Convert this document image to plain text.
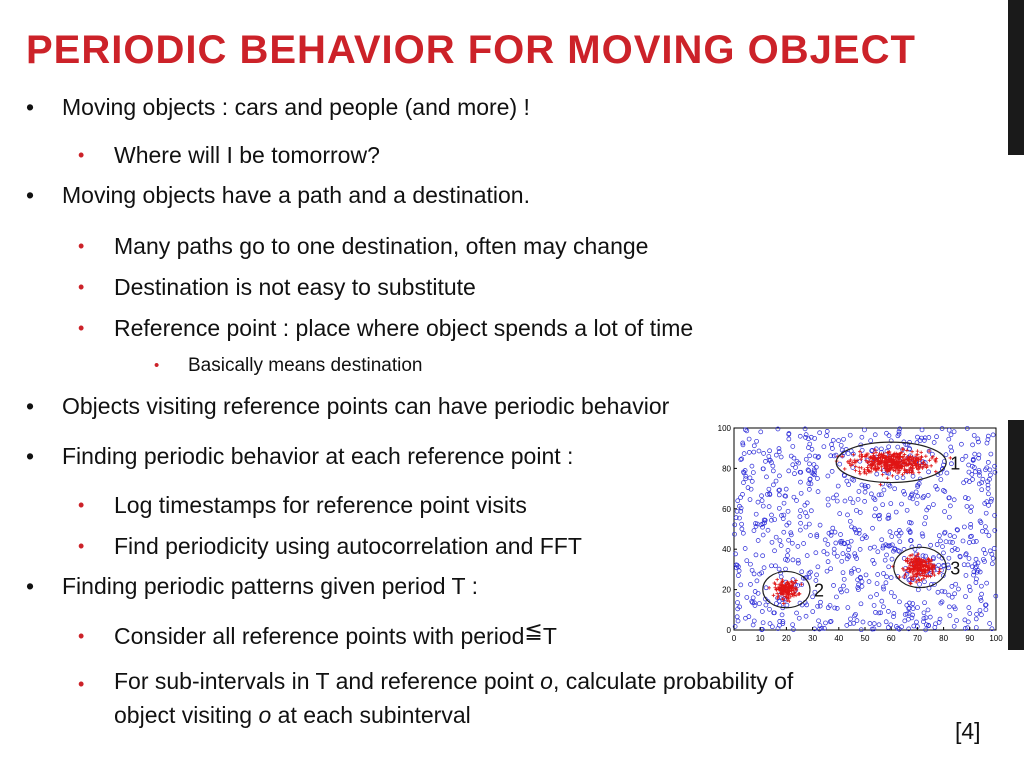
PERIODIC BEHAVIOR FOR MOVING OBJECT
• Moving objects : cars and people (and more) !
• Where will I be tomorrow?
• Moving objects have a path and a destination.
• Many paths go to one destination, often may change
• Destination is not easy to substitute
• Reference point : place where object spends a lot of time
• Basically means destination
• Objects visiting reference points can have periodic behavior
• Finding periodic behavior at each reference point :
• Log timestamps for reference point visits
• Find periodicity using autocorrelation and FFT
• Finding periodic patterns given period T :
• Consider all reference points with period≦T
• For sub-intervals in T and reference point o, calculate probability of
object visiting o at each subinterval
[4]
1
2
3
0 10 20 30 40 50 60 70 80 90 100
0
20
40
60
80
100
